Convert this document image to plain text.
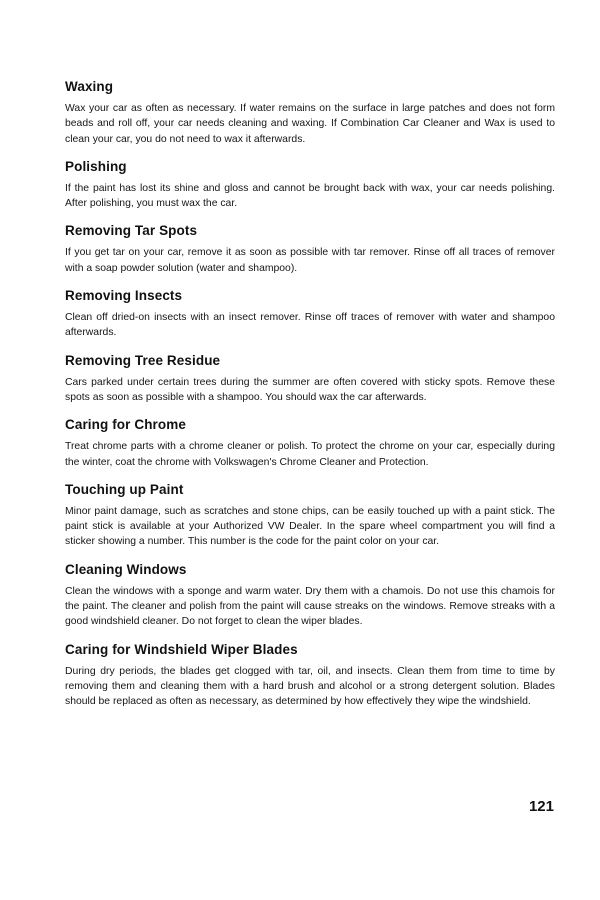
Waxing

Wax your car as often as necessary. If water remains on the surface in large patches and does not form beads and roll off, your car needs cleaning and waxing. If Combination Car Cleaner and Wax is used to clean your car, you do not need to wax it afterwards.

Polishing

If the paint has lost its shine and gloss and cannot be brought back with wax, your car needs polishing. After polishing, you must wax the car.

Removing Tar Spots

If you get tar on your car, remove it as soon as possible with tar remover. Rinse off all traces of remover with a soap powder solution (water and shampoo).

Removing Insects

Clean off dried-on insects with an insect remover. Rinse off traces of remover with water and shampoo afterwards.

Removing Tree Residue

Cars parked under certain trees during the summer are often covered with sticky spots. Remove these spots as soon as possible with a shampoo. You should wax the car afterwards.

Caring for Chrome

Treat chrome parts with a chrome cleaner or polish. To protect the chrome on your car, especially during the winter, coat the chrome with Volkswagen's Chrome Cleaner and Protection.

Touching up Paint

Minor paint damage, such as scratches and stone chips, can be easily touched up with a paint stick. The paint stick is available at your Authorized VW Dealer. In the spare wheel compartment you will find a sticker showing a number. This number is the code for the paint color on your car.

Cleaning Windows

Clean the windows with a sponge and warm water. Dry them with a chamois. Do not use this chamois for the paint. The cleaner and polish from the paint will cause streaks on the windows. Remove streaks with a good windshield cleaner. Do not forget to clean the wiper blades.

Caring for Windshield Wiper Blades

During dry periods, the blades get clogged with tar, oil, and insects. Clean them from time to time by removing them and cleaning them with a hard brush and alcohol or a strong detergent solution. Blades should be replaced as often as necessary, as determined by how effectively they wipe the windshield.

121
